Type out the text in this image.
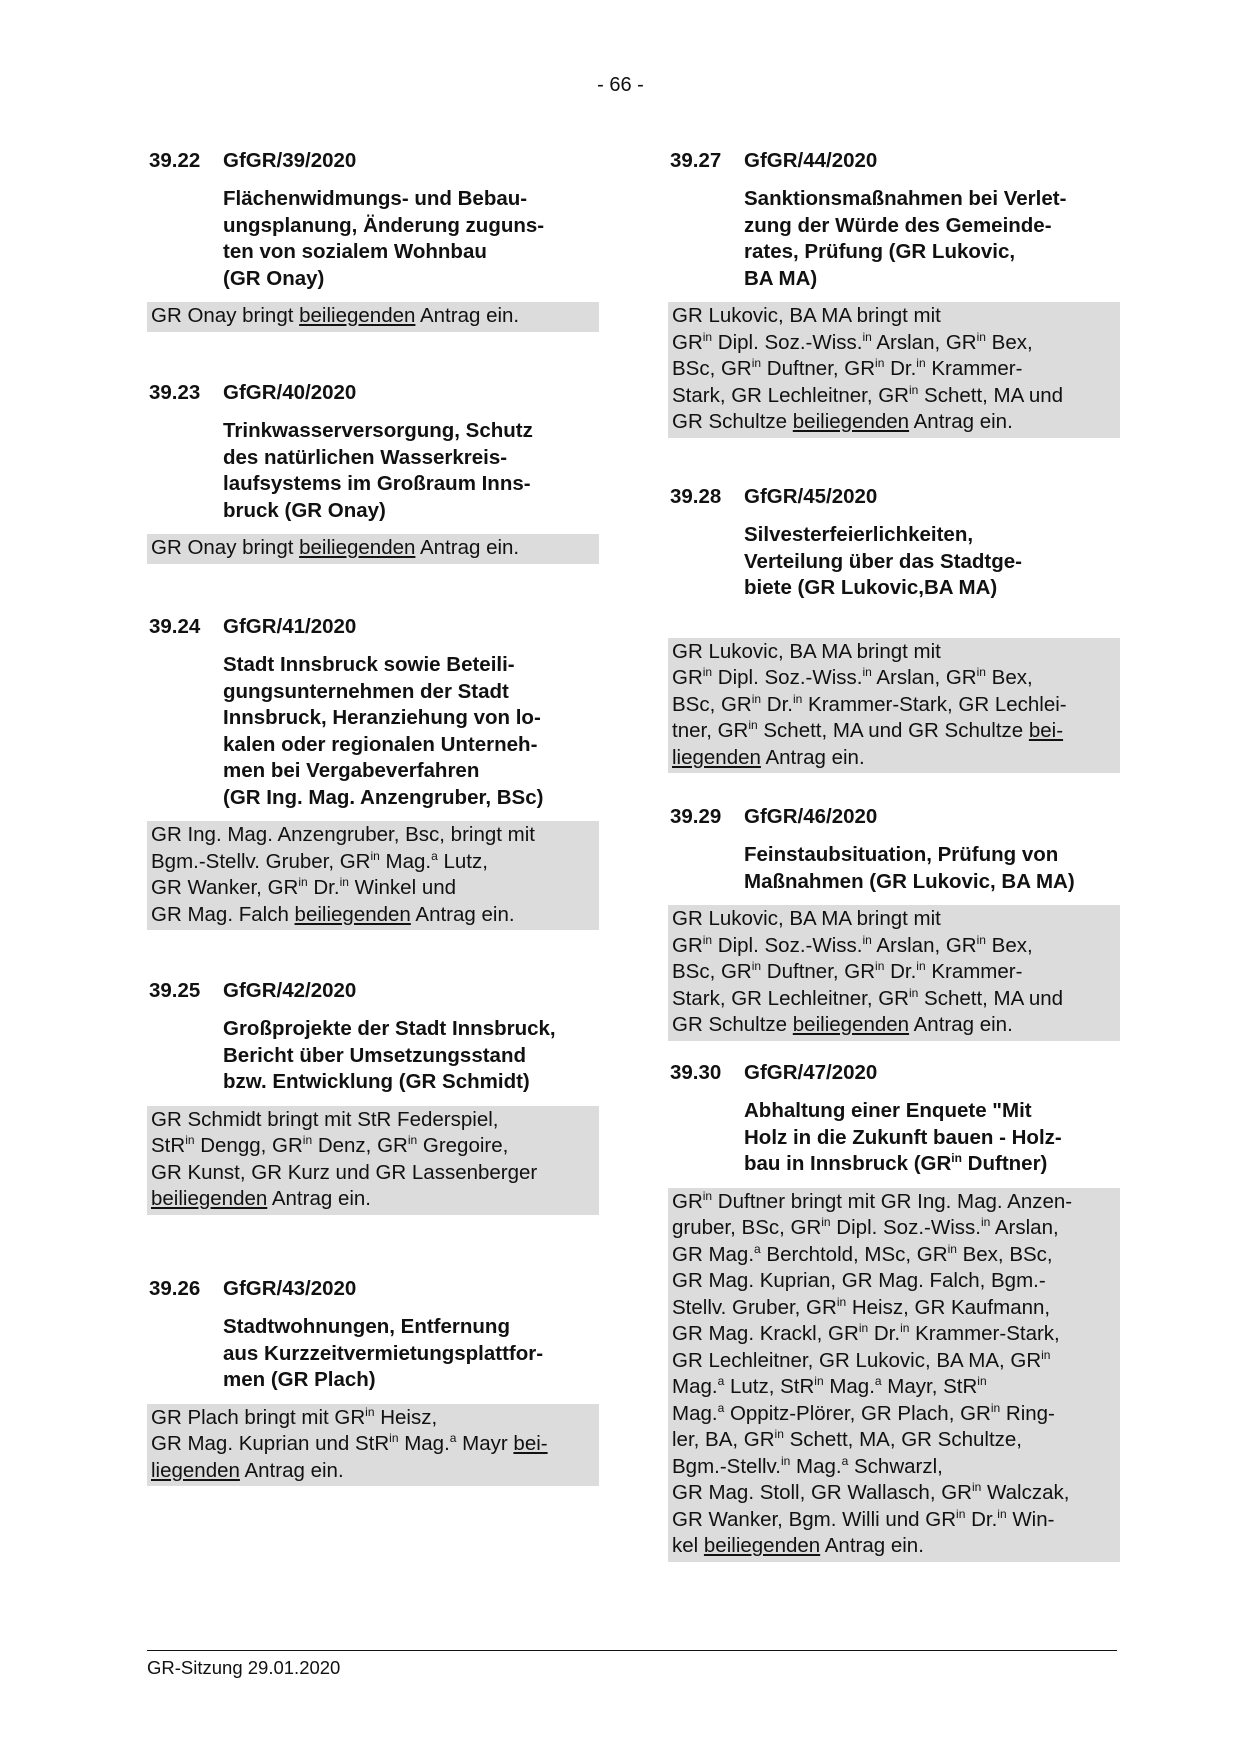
- 66 -
39.22	GfGR/39/2020
Flächenwidmungs- und Bebau-
ungsplanung, Änderung zuguns-
ten von sozialem Wohnbau
(GR Onay)
GR Onay bringt beiliegenden Antrag ein.
39.23	GfGR/40/2020
Trinkwasserversorgung, Schutz
des natürlichen Wasserkreis-
laufsystems im Großraum Inns-
bruck (GR Onay)
GR Onay bringt beiliegenden Antrag ein.
39.24	GfGR/41/2020
Stadt Innsbruck sowie Beteili-
gungsunternehmen der Stadt
Innsbruck, Heranziehung von lo-
kalen oder regionalen Unterneh-
men bei Vergabeverfahren
(GR Ing. Mag. Anzengruber, BSc)
GR Ing. Mag. Anzengruber, Bsc, bringt mit
Bgm.-Stellv. Gruber, $GR^{in}$ Mag.$^a$ Lutz,
GR Wanker, $GR^{in}$ Dr.$^{in}$ Winkel und
GR Mag. Falch beiliegenden Antrag ein.
39.25	GfGR/42/2020
Großprojekte der Stadt Innsbruck,
Bericht über Umsetzungsstand
bzw. Entwicklung (GR Schmidt)
GR Schmidt bringt mit StR Federspiel,
StR$^{in}$ Dengg, $GR^{in}$ Denz, $GR^{in}$ Gregoire,
GR Kunst, GR Kurz und GR Lassenberger
beiliegenden Antrag ein.
39.26	GfGR/43/2020
Stadtwohnungen, Entfernung
aus Kurzzeitvermietungsplattfor-
men (GR Plach)
GR Plach bringt mit $GR^{in}$ Heisz,
GR Mag. Kuprian und StR$^{in}$ Mag.$^a$ Mayr bei-
liegenden Antrag ein.
39.27	GfGR/44/2020
Sanktionsmaßnahmen bei Verlet-
zung der Würde des Gemeinde-
rates, Prüfung (GR Lukovic,
BA MA)
GR Lukovic, BA MA bringt mit
$GR^{in}$ Dipl. Soz.-Wiss.$^{in}$ Arslan, $GR^{in}$ Bex,
BSc, $GR^{in}$ Duftner, $GR^{in}$ Dr.$^{in}$ Krammer-
Stark, GR Lechleitner, $GR^{in}$ Schett, MA und
GR Schultze beiliegenden Antrag ein.
39.28	GfGR/45/2020
Silvesterfeierlichkeiten,
Verteilung über das Stadtge-
biete (GR Lukovic,BA MA)
GR Lukovic, BA MA bringt mit
$GR^{in}$ Dipl. Soz.-Wiss.$^{in}$ Arslan, $GR^{in}$ Bex,
BSc, $GR^{in}$ Dr.$^{in}$ Krammer-Stark, GR Lechlei-
tner, $GR^{in}$ Schett, MA und GR Schultze bei-
liegenden Antrag ein.
39.29	GfGR/46/2020
Feinstaubsituation, Prüfung von
Maßnahmen (GR Lukovic, BA MA)
GR Lukovic, BA MA bringt mit
$GR^{in}$ Dipl. Soz.-Wiss.$^{in}$ Arslan, $GR^{in}$ Bex,
BSc, $GR^{in}$ Duftner, $GR^{in}$ Dr.$^{in}$ Krammer-
Stark, GR Lechleitner, $GR^{in}$ Schett, MA und
GR Schultze beiliegenden Antrag ein.
39.30	GfGR/47/2020
Abhaltung einer Enquete "Mit
Holz in die Zukunft bauen - Holz-
bau in Innsbruck ($GR^{in}$ Duftner)
$GR^{in}$ Duftner bringt mit GR Ing. Mag. Anzen-
gruber, BSc, $GR^{in}$ Dipl. Soz.-Wiss.$^{in}$ Arslan,
GR Mag.$^a$ Berchtold, MSc, $GR^{in}$ Bex, BSc,
GR Mag. Kuprian, GR Mag. Falch, Bgm.-
Stellv. Gruber, $GR^{in}$ Heisz, GR Kaufmann,
GR Mag. Krackl, $GR^{in}$ Dr.$^{in}$ Krammer-Stark,
GR Lechleitner, GR Lukovic, BA MA, $GR^{in}$
Mag.$^a$ Lutz, StR$^{in}$ Mag.$^a$ Mayr, StR$^{in}$
Mag.$^a$ Oppitz-Plörer, GR Plach, $GR^{in}$ Ring-
ler, BA, $GR^{in}$ Schett, MA, GR Schultze,
Bgm.-Stellv.$^{in}$ Mag.$^a$ Schwarzl,
GR Mag. Stoll, GR Wallasch, $GR^{in}$ Walczak,
GR Wanker, Bgm. Willi und $GR^{in}$ Dr.$^{in}$ Win-
kel beiliegenden Antrag ein.
GR-Sitzung 29.01.2020
